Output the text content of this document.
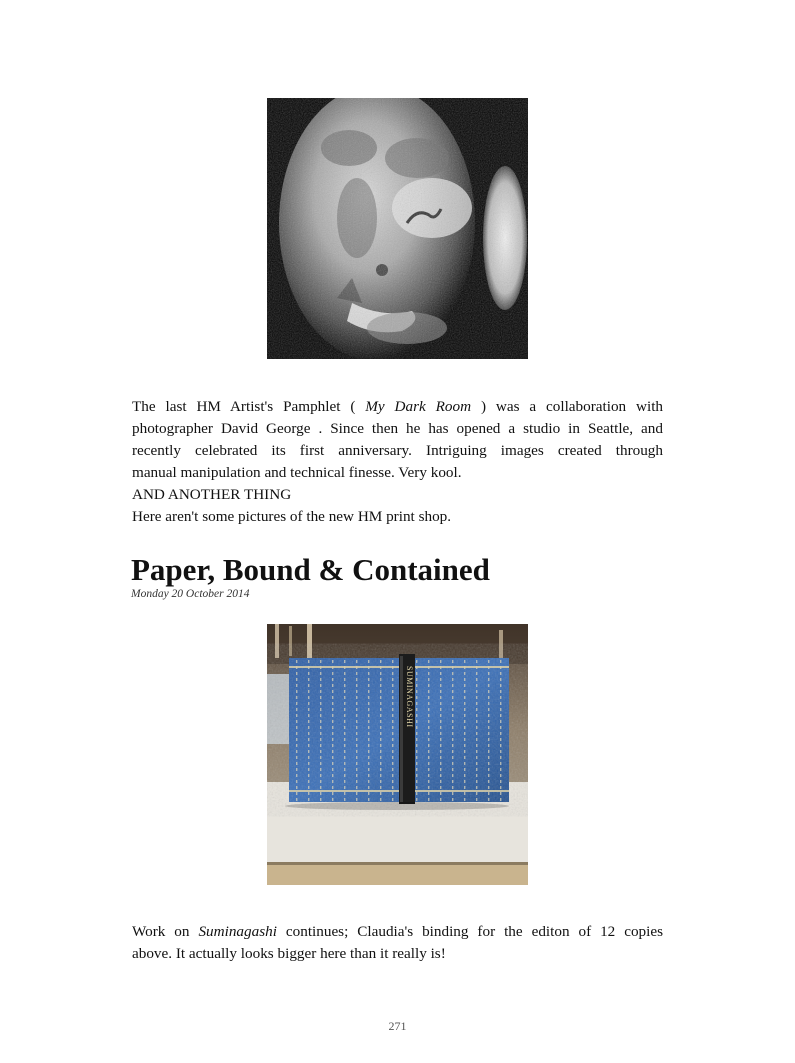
The last HM Artist's Pamphlet ( My Dark Room ) was a collaboration with
photographer David George . Since then he has opened a studio in Seattle, and
recently celebrated its first anniversary. Intriguing images created through
manual manipulation and technical finesse. Very kool.

AND ANOTHER THING

Here aren't some pictures of the new HM print shop.

Paper, Bound & Contained

Monday 20 October 2014

SUMINAGASHI

Work on Suminagashi continues; Claudia's binding for the editon of 12 copies
above. It actually looks bigger here than it really is!

271
